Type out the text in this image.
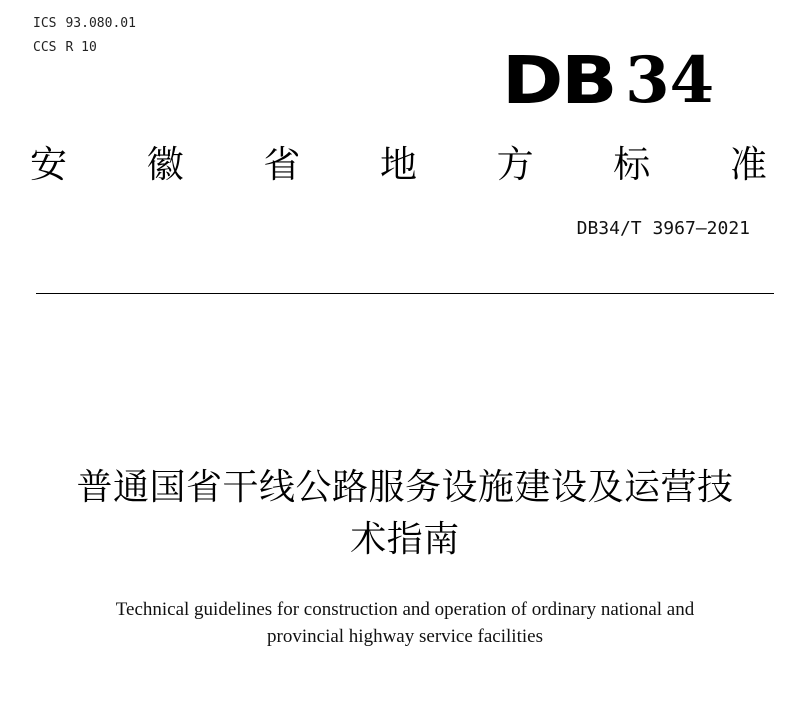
ICS 93.080.01
CCS R 10	DB 34
安 徽 省 地 方 标 准
DB34/T 3967—2021
普通国省干线公路服务设施建设及运营技
术指南
Technical guidelines for construction and operation of ordinary national and
provincial highway service facilities
